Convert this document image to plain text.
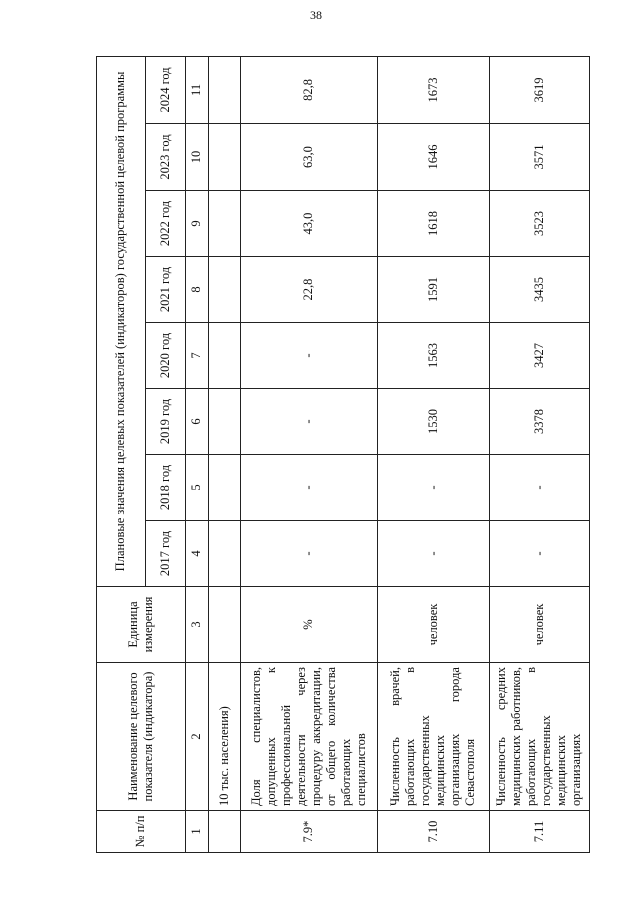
38
№ п/п	Наименование целевого показателя (индикатора)	Единица измерения	Плановые значения целевых показателей (индикаторов) государственной целевой программы							
			2017 год	2018 год	2019 год	2020 год	2021 год	2022 год	2023 год	2024 год
1	2	3	4	5	6	7	8	9	10	11
	10 тыс. населения)									
7.9*	Доля специалистов, допущенных к профессиональной деятельности через процедуру аккредитации, от общего количества работающих специалистов	%	-	-	-	-	22,8	43,0	63,0	82,8
7.10	Численность врачей, работающих в государственных медицинских организациях города Севастополя	человек	-	-	1530	1563	1591	1618	1646	1673
7.11	Численность средних медицинских работников, работающих в государственных медицинских организациях	человек	-	-	3378	3427	3435	3523	3571	3619
